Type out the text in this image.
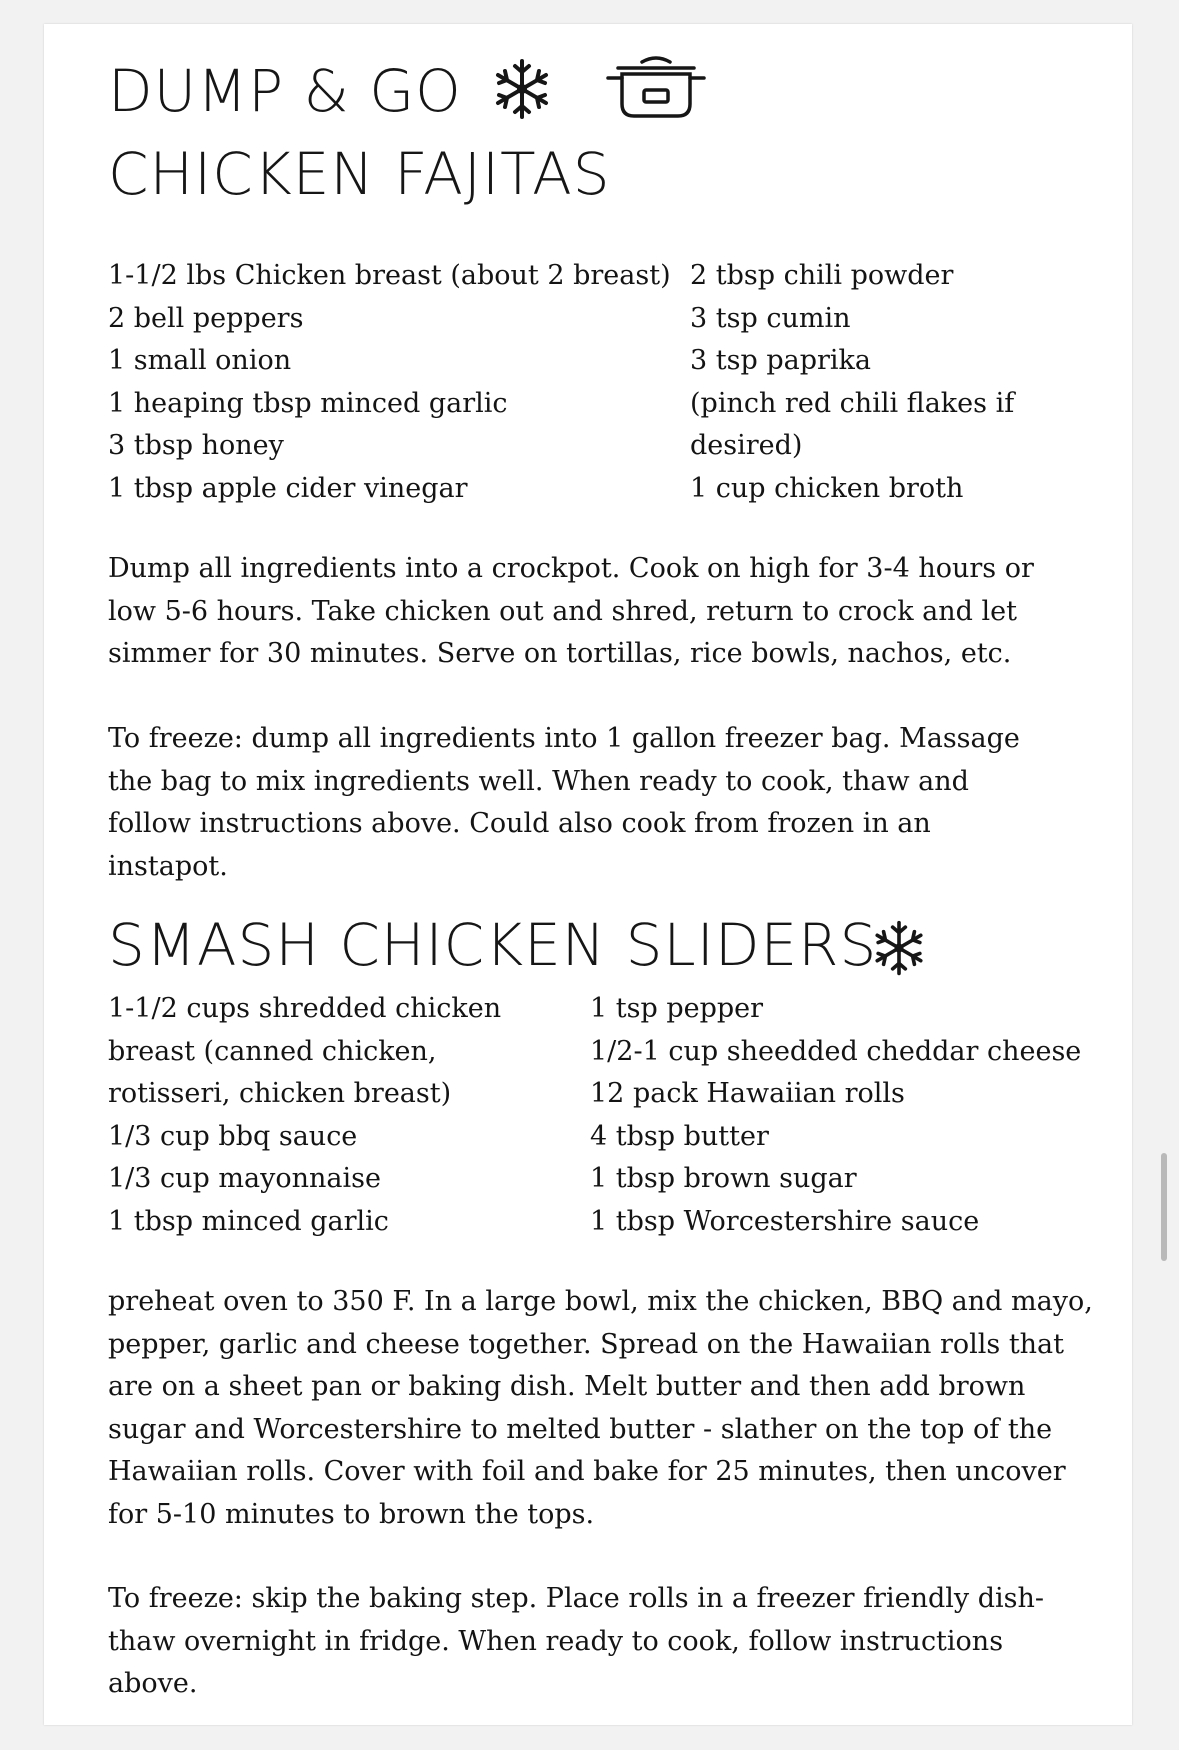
DUMP & GO
CHICKEN FAJITAS
1-1/2 lbs Chicken breast (about 2 breast)
2 bell peppers
1 small onion
1 heaping tbsp minced garlic
3 tbsp honey
1 tbsp apple cider vinegar
2 tbsp chili powder
3 tsp cumin
3 tsp paprika
(pinch red chili flakes if
desired)
1 cup chicken broth
Dump all ingredients into a crockpot. Cook on high for 3-4 hours or
low 5-6 hours. Take chicken out and shred, return to crock and let
simmer for 30 minutes. Serve on tortillas, rice bowls, nachos, etc.
To freeze: dump all ingredients into 1 gallon freezer bag. Massage
the bag to mix ingredients well. When ready to cook, thaw and
follow instructions above. Could also cook from frozen in an
instapot.
SMASH CHICKEN SLIDERS
1-1/2 cups shredded chicken
breast (canned chicken,
rotisseri, chicken breast)
1/3 cup bbq sauce
1/3 cup mayonnaise
1 tbsp minced garlic
1 tsp pepper
1/2-1 cup sheedded cheddar cheese
12 pack Hawaiian rolls
4 tbsp butter
1 tbsp brown sugar
1 tbsp Worcestershire sauce
preheat oven to 350 F. In a large bowl, mix the chicken, BBQ and mayo,
pepper, garlic and cheese together. Spread on the Hawaiian rolls that
are on a sheet pan or baking dish. Melt butter and then add brown
sugar and Worcestershire to melted butter - slather on the top of the
Hawaiian rolls. Cover with foil and bake for 25 minutes, then uncover
for 5-10 minutes to brown the tops.
To freeze: skip the baking step. Place rolls in a freezer friendly dish-
thaw overnight in fridge. When ready to cook, follow instructions
above.
